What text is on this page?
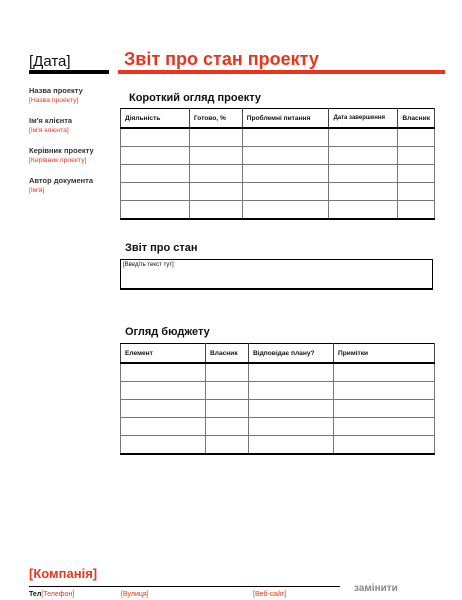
[Дата]	Звіт про стан проекту
Назва проекту
[Назва проекту]
Ім'я клієнта
[Ім'я клієнта]
Керівник проекту
[Керівник проекту]
Автор документа
[Ім'я]
Короткий огляд проекту
Діяльність	Готово, %	Проблемні питання	Дата завершення	Власник

Звіт про стан
[Введіть текст тут]
Огляд бюджету
Елемент	Власник	Відповідає плану?	Примітки

[Компанія]
Тел[Телефон]	[Вулиця]	[Веб-сайт]
замінити
